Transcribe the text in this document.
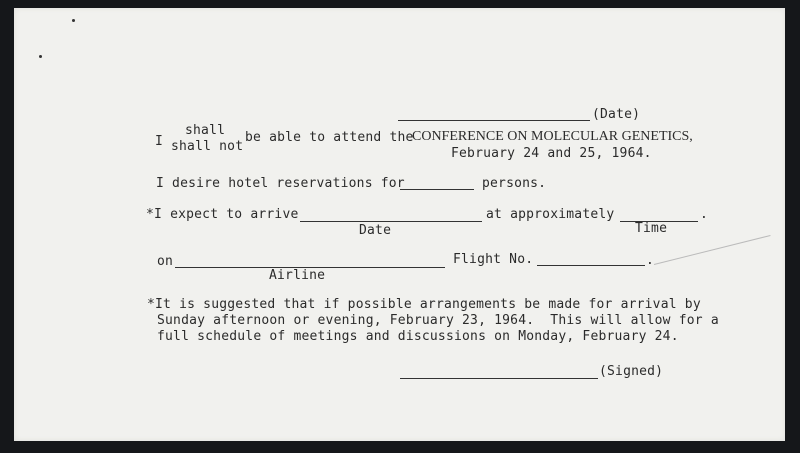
(Date)
I
shall
shall not
be able to attend the
CONFERENCE ON MOLECULAR GENETICS,
February 24 and 25, 1964.
I desire hotel reservations for	persons.
*I expect to arrive	at approximately	.
Date	Time
on	Flight No.	.
Airline
*It is suggested that if possible arrangements be made for arrival by
Sunday afternoon or evening, February 23, 1964.  This will allow for a
full schedule of meetings and discussions on Monday, February 24.
(Signed)
